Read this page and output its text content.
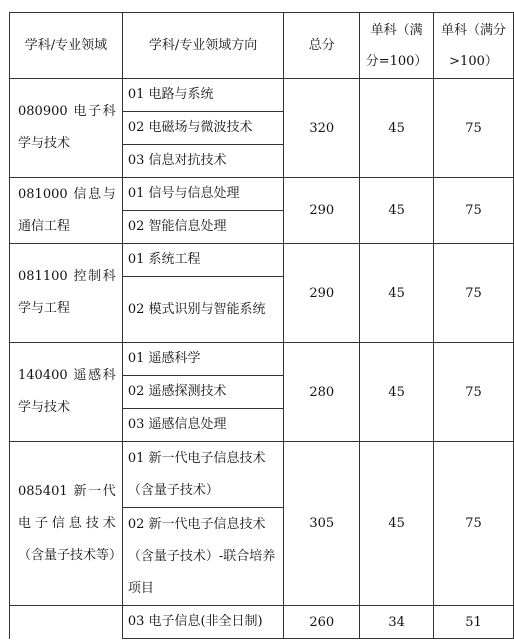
学科/专业领域	学科/专业领域方向	总分	单科（满分=100）	单科（满分>100）
080900 电子科学与技术	01 电路与系统	320	45	75
	02 电磁场与微波技术			
	03 信息对抗技术			
081000 信息与通信工程	01 信号与信息处理	290	45	75
	02 智能信息处理			
081100 控制科学与工程	01 系统工程	290	45	75
	02 模式识别与智能系统			
140400 遥感科学与技术	01 遥感科学	280	45	75
	02 遥感探测技术			
	03 遥感信息处理			
085401 新一代电子信息技术（含量子技术等）	01 新一代电子信息技术（含量子技术）	305	45	75
	02 新一代电子信息技术（含量子技术）-联合培养项目			
	03 电子信息(非全日制)	260	34	51
